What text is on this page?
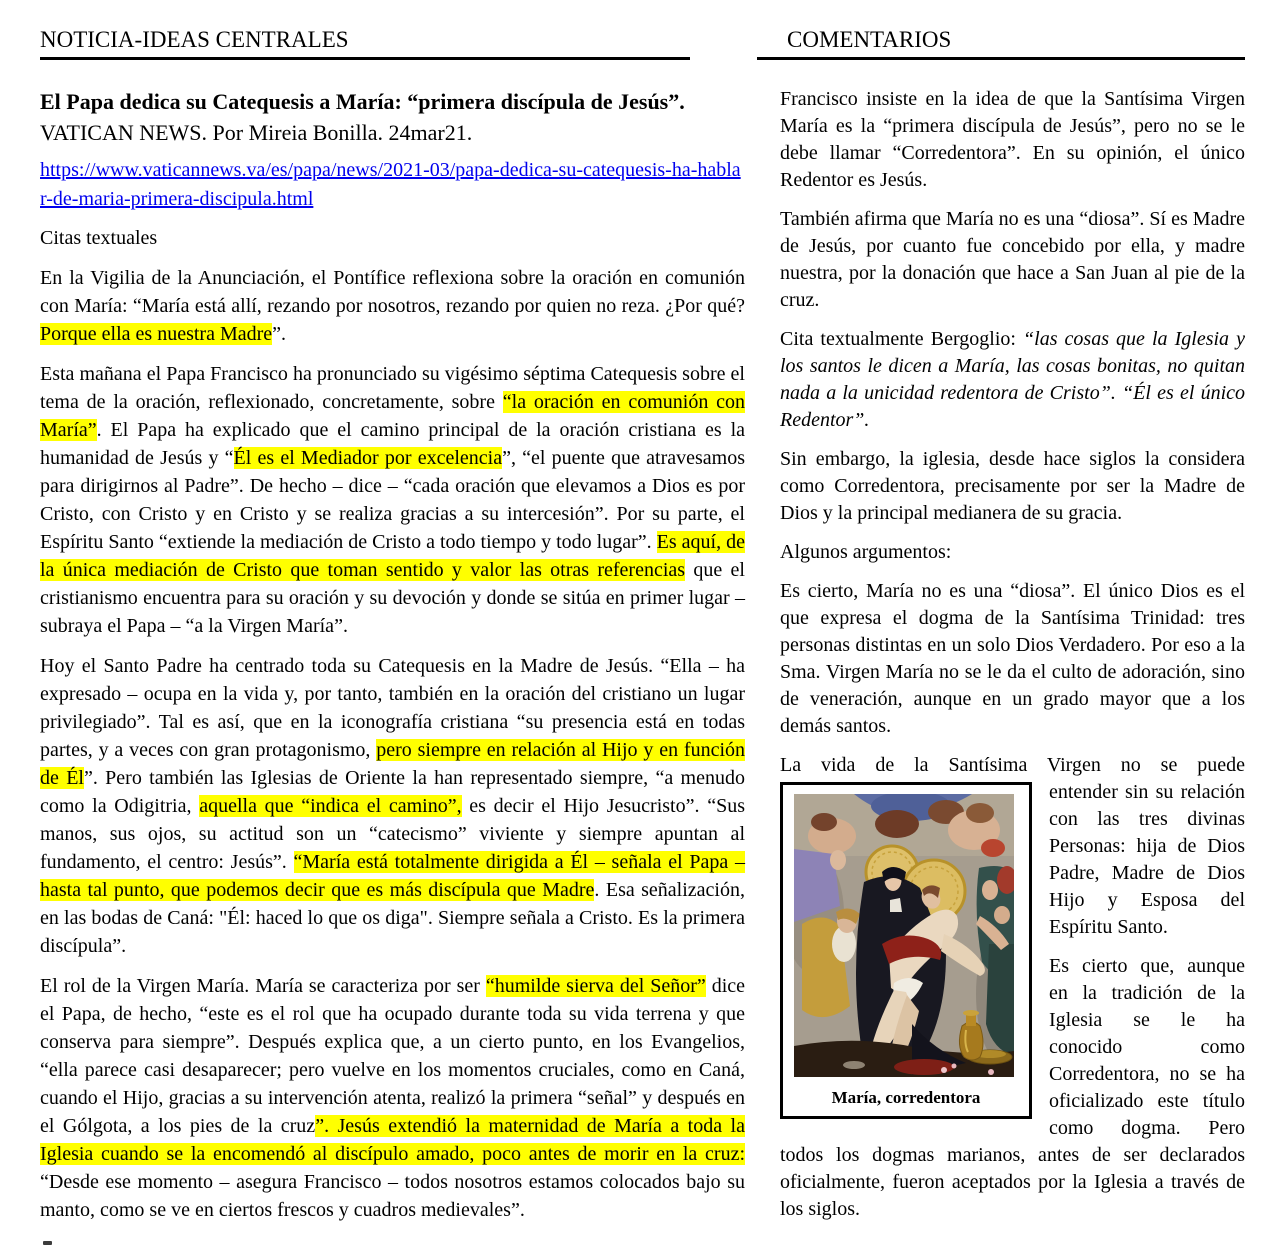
NOTICIA-IDEAS CENTRALES

El Papa dedica su Catequesis a María: “primera discípula de Jesús”. VATICAN NEWS. Por Mireia Bonilla. 24mar21.

https://www.vaticannews.va/es/papa/news/2021-03/papa-dedica-su-catequesis-ha-hablar-de-maria-primera-discipula.html

Citas textuales

En la Vigilia de la Anunciación, el Pontífice reflexiona sobre la oración en comunión con María: “María está allí, rezando por nosotros, rezando por quien no reza. ¿Por qué? Porque ella es nuestra Madre”.

Esta mañana el Papa Francisco ha pronunciado su vigésimo séptima Catequesis sobre el tema de la oración, reflexionado, concretamente, sobre “la oración en comunión con María”. El Papa ha explicado que el camino principal de la oración cristiana es la humanidad de Jesús y “Él es el Mediador por excelencia”, “el puente que atravesamos para dirigirnos al Padre”. De hecho – dice – “cada oración que elevamos a Dios es por Cristo, con Cristo y en Cristo y se realiza gracias a su intercesión”. Por su parte, el Espíritu Santo “extiende la mediación de Cristo a todo tiempo y todo lugar”. Es aquí, de la única mediación de Cristo que toman sentido y valor las otras referencias que el cristianismo encuentra para su oración y su devoción y donde se sitúa en primer lugar – subraya el Papa – “a la Virgen María”.

Hoy el Santo Padre ha centrado toda su Catequesis en la Madre de Jesús. “Ella – ha expresado – ocupa en la vida y, por tanto, también en la oración del cristiano un lugar privilegiado”. Tal es así, que en la iconografía cristiana “su presencia está en todas partes, y a veces con gran protagonismo, pero siempre en relación al Hijo y en función de Él”. Pero también las Iglesias de Oriente la han representado siempre, “a menudo como la Odigitria, aquella que “indica el camino”, es decir el Hijo Jesucristo”. “Sus manos, sus ojos, su actitud son un “catecismo” viviente y siempre apuntan al fundamento, el centro: Jesús”. “María está totalmente dirigida a Él – señala el Papa – hasta tal punto, que podemos decir que es más discípula que Madre. Esa señalización, en las bodas de Caná: "Él: haced lo que os diga". Siempre señala a Cristo. Es la primera discípula”.

El rol de la Virgen María. María se caracteriza por ser “humilde sierva del Señor” dice el Papa, de hecho, “este es el rol que ha ocupado durante toda su vida terrena y que conserva para siempre”. Después explica que, a un cierto punto, en los Evangelios, “ella parece casi desaparecer; pero vuelve en los momentos cruciales, como en Caná, cuando el Hijo, gracias a su intervención atenta, realizó la primera “señal” y después en el Gólgota, a los pies de la cruz”. Jesús extendió la maternidad de María a toda la Iglesia cuando se la encomendó al discípulo amado, poco antes de morir en la cruz: “Desde ese momento – asegura Francisco – todos nosotros estamos colocados bajo su manto, como se ve en ciertos frescos y cuadros medievales”.

COMENTARIOS

Francisco insiste en la idea de que la Santísima Virgen María es la “primera discípula de Jesús”, pero no se le debe llamar “Corredentora”. En su opinión, el único Redentor es Jesús.

También afirma que María no es una “diosa”. Sí es Madre de Jesús, por cuanto fue concebido por ella, y madre nuestra, por la donación que hace a San Juan al pie de la cruz.

Cita textualmente Bergoglio: “las cosas que la Iglesia y los santos le dicen a María, las cosas bonitas, no quitan nada a la unicidad redentora de Cristo”. “Él es el único Redentor”.

Sin embargo, la iglesia, desde hace siglos la considera como Corredentora, precisamente por ser la Madre de Dios y la principal medianera de su gracia.

Algunos argumentos:

Es cierto, María no es una “diosa”. El único Dios es el que expresa el dogma de la Santísima Trinidad: tres personas distintas en un solo Dios Verdadero. Por eso a la Sma. Virgen María no se le da el culto de adoración, sino de veneración, aunque en un grado mayor que a los demás santos.

La vida de la Santísima Virgen no se puede

María, corredentora

entender sin su relación con las tres divinas Personas: hija de Dios Padre, Madre de Dios Hijo y Esposa del Espíritu Santo.

Es cierto que, aunque en la tradición de la Iglesia se le ha conocido como Corredentora, no se ha oficializado este título como dogma. Pero todos los dogmas marianos, antes de ser declarados oficialmente, fueron aceptados por la Iglesia a través de los siglos.
